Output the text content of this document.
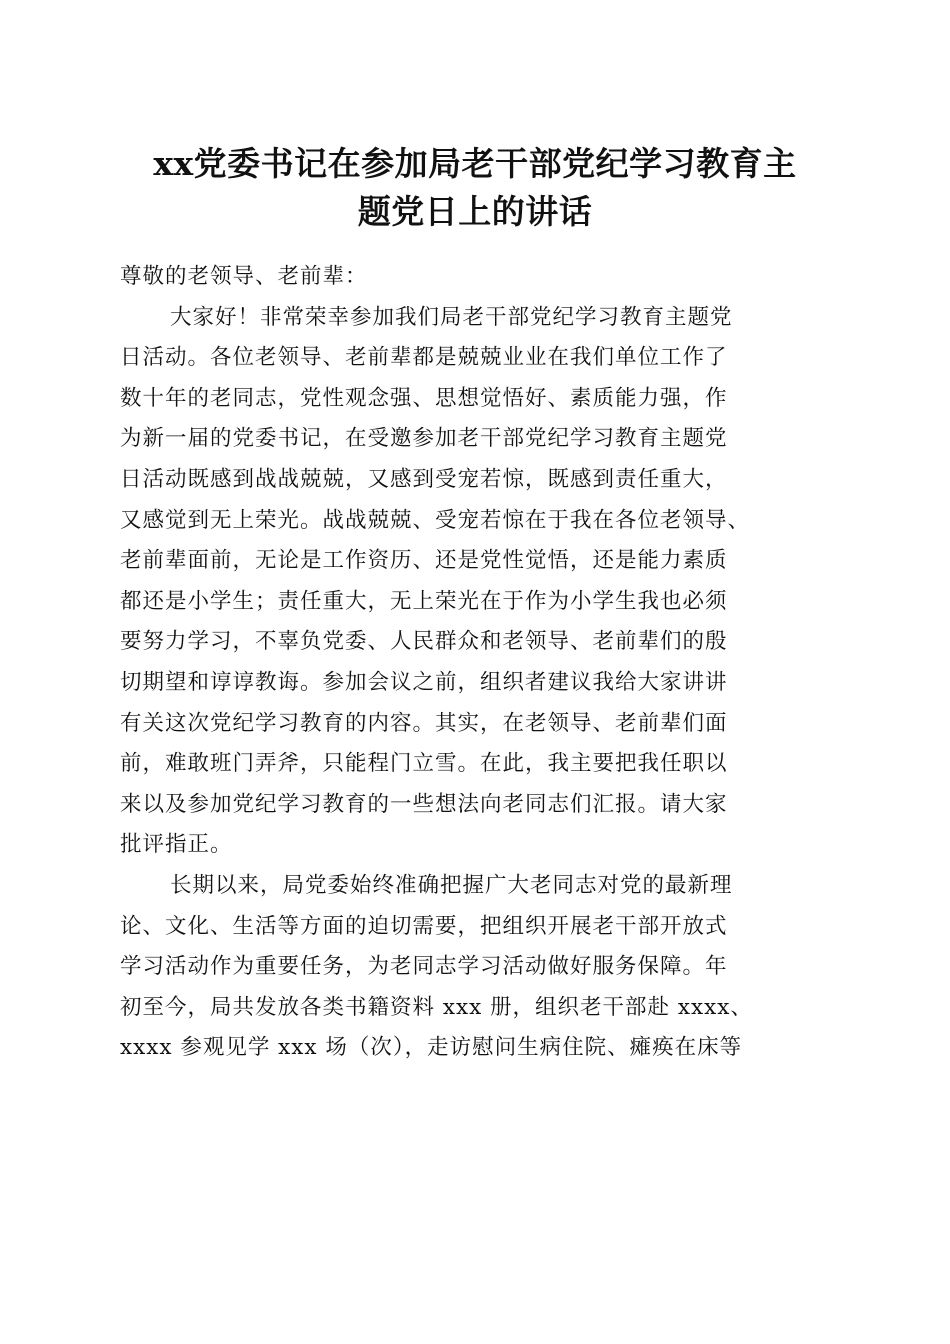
xx党委书记在参加局老干部党纪学习教育主
题党日上的讲话
尊敬的老领导、老前辈：
大家好！非常荣幸参加我们局老干部党纪学习教育主题党
日活动。各位老领导、老前辈都是兢兢业业在我们单位工作了
数十年的老同志，党性观念强、思想觉悟好、素质能力强，作
为新一届的党委书记，在受邀参加老干部党纪学习教育主题党
日活动既感到战战兢兢，又感到受宠若惊，既感到责任重大，
又感觉到无上荣光。战战兢兢、受宠若惊在于我在各位老领导、
老前辈面前，无论是工作资历、还是党性觉悟，还是能力素质
都还是小学生；责任重大，无上荣光在于作为小学生我也必须
要努力学习，不辜负党委、人民群众和老领导、老前辈们的殷
切期望和谆谆教诲。参加会议之前，组织者建议我给大家讲讲
有关这次党纪学习教育的内容。其实，在老领导、老前辈们面
前，难敢班门弄斧，只能程门立雪。在此，我主要把我任职以
来以及参加党纪学习教育的一些想法向老同志们汇报。请大家
批评指正。
长期以来，局党委始终准确把握广大老同志对党的最新理
论、文化、生活等方面的迫切需要，把组织开展老干部开放式
学习活动作为重要任务，为老同志学习活动做好服务保障。年
初至今，局共发放各类书籍资料 xxx 册，组织老干部赴 xxxx、
xxxx 参观见学 xxx 场（次），走访慰问生病住院、瘫痪在床等
